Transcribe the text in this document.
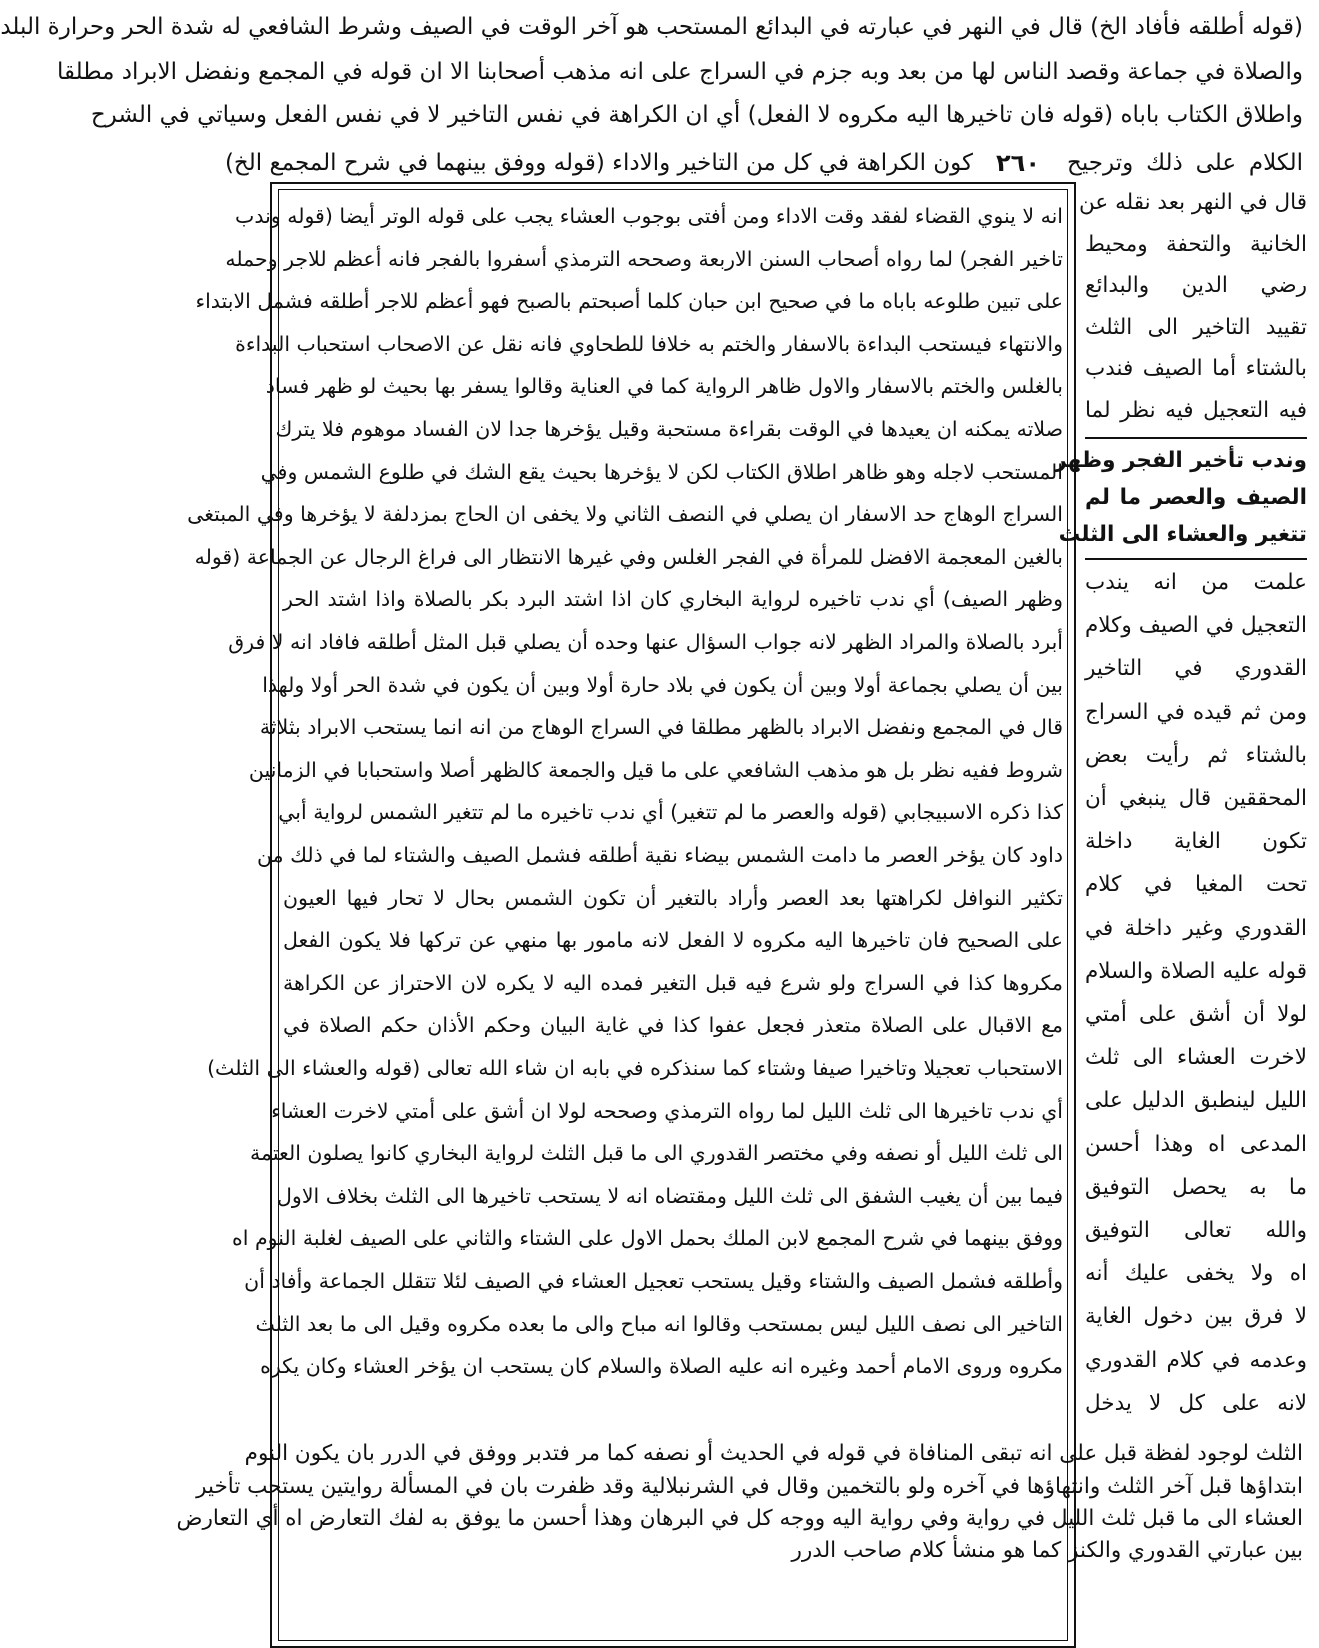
(قوله أطلقه فأفاد الخ) قال في النهر في عبارته في البدائع المستحب هو آخر الوقت في الصيف وشرط الشافعي له شدة الحر وحرارة البلد
والصلاة في جماعة وقصد الناس لها من بعد وبه جزم في السراج على انه مذهب أصحابنا الا ان قوله في المجمع ونفضل الابراد مطلقا
واطلاق الكتاب باباه (قوله فان تاخيرها اليه مكروه لا الفعل) أي ان الكراهة في نفس التاخير لا في نفس الفعل وسياتي في الشرح
الكلام على ذلك وترجيح
٢٦٠
كون الكراهة في كل من التاخير والاداء (قوله ووفق بينهما في شرح المجمع الخ)
انه لا ينوي القضاء لفقد وقت الاداء ومن أفتى بوجوب العشاء يجب على قوله الوتر أيضا (قوله وندب
تاخير الفجر) لما رواه أصحاب السنن الاربعة وصححه الترمذي أسفروا بالفجر فانه أعظم للاجر وحمله
على تبين طلوعه باباه ما في صحيح ابن حبان كلما أصبحتم بالصبح فهو أعظم للاجر أطلقه فشمل الابتداء
والانتهاء فيستحب البداءة بالاسفار والختم به خلافا للطحاوي فانه نقل عن الاصحاب استحباب البداءة
بالغلس والختم بالاسفار والاول ظاهر الرواية كما في العناية وقالوا يسفر بها بحيث لو ظهر فساد
صلاته يمكنه ان يعيدها في الوقت بقراءة مستحبة وقيل يؤخرها جدا لان الفساد موهوم فلا يترك
المستحب لاجله وهو ظاهر اطلاق الكتاب لكن لا يؤخرها بحيث يقع الشك في طلوع الشمس وفي
السراج الوهاج حد الاسفار ان يصلي في النصف الثاني ولا يخفى ان الحاج بمزدلفة لا يؤخرها وفي المبتغى
بالغين المعجمة الافضل للمرأة في الفجر الغلس وفي غيرها الانتظار الى فراغ الرجال عن الجماعة (قوله
وظهر الصيف) أي ندب تاخيره لرواية البخاري كان اذا اشتد البرد بكر بالصلاة واذا اشتد الحر
أبرد بالصلاة والمراد الظهر لانه جواب السؤال عنها وحده أن يصلي قبل المثل أطلقه فافاد انه لا فرق
بين أن يصلي بجماعة أولا وبين أن يكون في بلاد حارة أولا وبين أن يكون في شدة الحر أولا ولهذا
قال في المجمع ونفضل الابراد بالظهر مطلقا في السراج الوهاج من انه انما يستحب الابراد بثلاثة
شروط ففيه نظر بل هو مذهب الشافعي على ما قيل والجمعة كالظهر أصلا واستحبابا في الزمانين
كذا ذكره الاسبيجابي (قوله والعصر ما لم تتغير) أي ندب تاخيره ما لم تتغير الشمس لرواية أبي
داود كان يؤخر العصر ما دامت الشمس بيضاء نقية أطلقه فشمل الصيف والشتاء لما في ذلك من
تكثير النوافل لكراهتها بعد العصر وأراد بالتغير أن تكون الشمس بحال لا تحار فيها العيون
على الصحيح فان تاخيرها اليه مكروه لا الفعل لانه مامور بها منهي عن تركها فلا يكون الفعل
مكروها كذا في السراج ولو شرع فيه قبل التغير فمده اليه لا يكره لان الاحتراز عن الكراهة
مع الاقبال على الصلاة متعذر فجعل عفوا كذا في غاية البيان وحكم الأذان حكم الصلاة في
الاستحباب تعجيلا وتاخيرا صيفا وشتاء كما سنذكره في بابه ان شاء الله تعالى (قوله والعشاء الى الثلث)
أي ندب تاخيرها الى ثلث الليل لما رواه الترمذي وصححه لولا ان أشق على أمتي لاخرت العشاء
الى ثلث الليل أو نصفه وفي مختصر القدوري الى ما قبل الثلث لرواية البخاري كانوا يصلون العتمة
فيما بين أن يغيب الشفق الى ثلث الليل ومقتضاه انه لا يستحب تاخيرها الى الثلث بخلاف الاول
ووفق بينهما في شرح المجمع لابن الملك بحمل الاول على الشتاء والثاني على الصيف لغلبة النوم اه
وأطلقه فشمل الصيف والشتاء وقيل يستحب تعجيل العشاء في الصيف لئلا تتقلل الجماعة وأفاد أن
التاخير الى نصف الليل ليس بمستحب وقالوا انه مباح والى ما بعده مكروه وقيل الى ما بعد الثلث
مكروه وروى الامام أحمد وغيره انه عليه الصلاة والسلام كان يستحب ان يؤخر العشاء وكان يكره
قال في النهر بعد نقله عن
الخانية والتحفة ومحيط
رضي الدين والبدائع
تقييد التاخير الى الثلث
بالشتاء أما الصيف فندب
فيه التعجيل فيه نظر لما
وندب تأخير الفجر وظهر
الصيف والعصر ما لم
تتغير والعشاء الى الثلث
علمت من انه يندب
التعجيل في الصيف وكلام
القدوري في التاخير
ومن ثم قيده في السراج
بالشتاء ثم رأيت بعض
المحققين قال ينبغي أن
تكون الغاية داخلة
تحت المغيا في كلام
القدوري وغير داخلة في
قوله عليه الصلاة والسلام
لولا أن أشق على أمتي
لاخرت العشاء الى ثلث
الليل لينطبق الدليل على
المدعى اه وهذا أحسن
ما به يحصل التوفيق
والله تعالى التوفيق
اه ولا يخفى عليك أنه
لا فرق بين دخول الغاية
وعدمه في كلام القدوري
لانه على كل لا يدخل
الثلث لوجود لفظة قبل على انه تبقى المنافاة في قوله في الحديث أو نصفه كما مر فتدبر ووفق في الدرر بان يكون النوم
ابتداؤها قبل آخر الثلث وانتهاؤها في آخره ولو بالتخمين وقال في الشرنبلالية وقد ظفرت بان في المسألة روايتين يستحب تأخير
العشاء الى ما قبل ثلث الليل في رواية وفي رواية اليه ووجه كل في البرهان وهذا أحسن ما يوفق به لفك التعارض اه أي التعارض
بين عبارتي القدوري والكنز كما هو منشأ كلام صاحب الدرر
